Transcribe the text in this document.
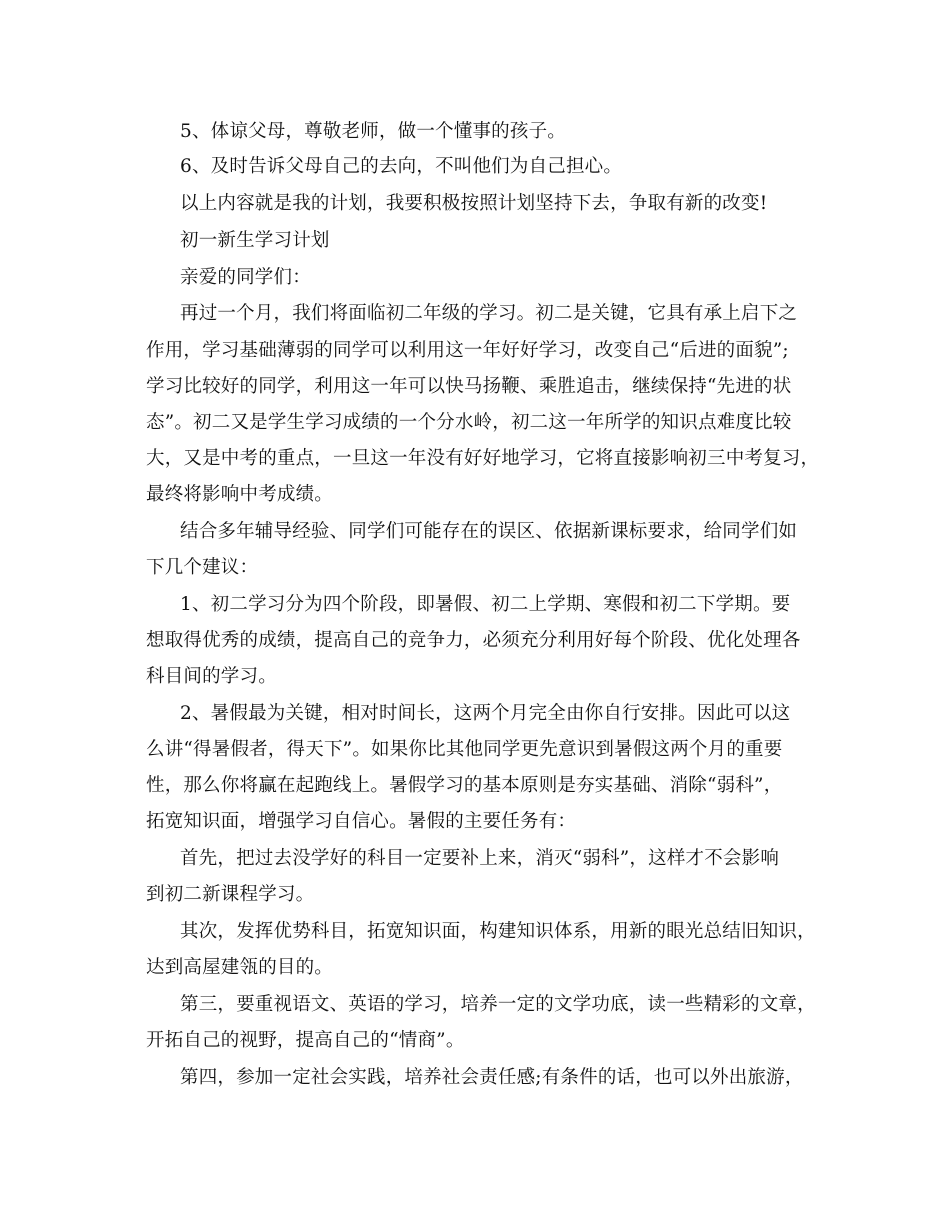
5、体谅父母，尊敬老师，做一个懂事的孩子。
6、及时告诉父母自己的去向，不叫他们为自己担心。
以上内容就是我的计划，我要积极按照计划坚持下去，争取有新的改变!
初一新生学习计划
亲爱的同学们：
再过一个月，我们将面临初二年级的学习。初二是关键，它具有承上启下之
作用，学习基础薄弱的同学可以利用这一年好好学习，改变自己“后进的面貌”;
学习比较好的同学，利用这一年可以快马扬鞭、乘胜追击，继续保持“先进的状
态”。初二又是学生学习成绩的一个分水岭，初二这一年所学的知识点难度比较
大，又是中考的重点，一旦这一年没有好好地学习，它将直接影响初三中考复习，
最终将影响中考成绩。
结合多年辅导经验、同学们可能存在的误区、依据新课标要求，给同学们如
下几个建议：
1、初二学习分为四个阶段，即暑假、初二上学期、寒假和初二下学期。要
想取得优秀的成绩，提高自己的竞争力，必须充分利用好每个阶段、优化处理各
科目间的学习。
2、暑假最为关键，相对时间长，这两个月完全由你自行安排。因此可以这
么讲“得暑假者，得天下”。如果你比其他同学更先意识到暑假这两个月的重要
性，那么你将赢在起跑线上。暑假学习的基本原则是夯实基础、消除“弱科”，
拓宽知识面，增强学习自信心。暑假的主要任务有：
首先，把过去没学好的科目一定要补上来，消灭“弱科”，这样才不会影响
到初二新课程学习。
其次，发挥优势科目，拓宽知识面，构建知识体系，用新的眼光总结旧知识，
达到高屋建瓴的目的。
第三，要重视语文、英语的学习，培养一定的文学功底，读一些精彩的文章，
开拓自己的视野，提高自己的“情商”。
第四，参加一定社会实践，培养社会责任感;有条件的话，也可以外出旅游，
